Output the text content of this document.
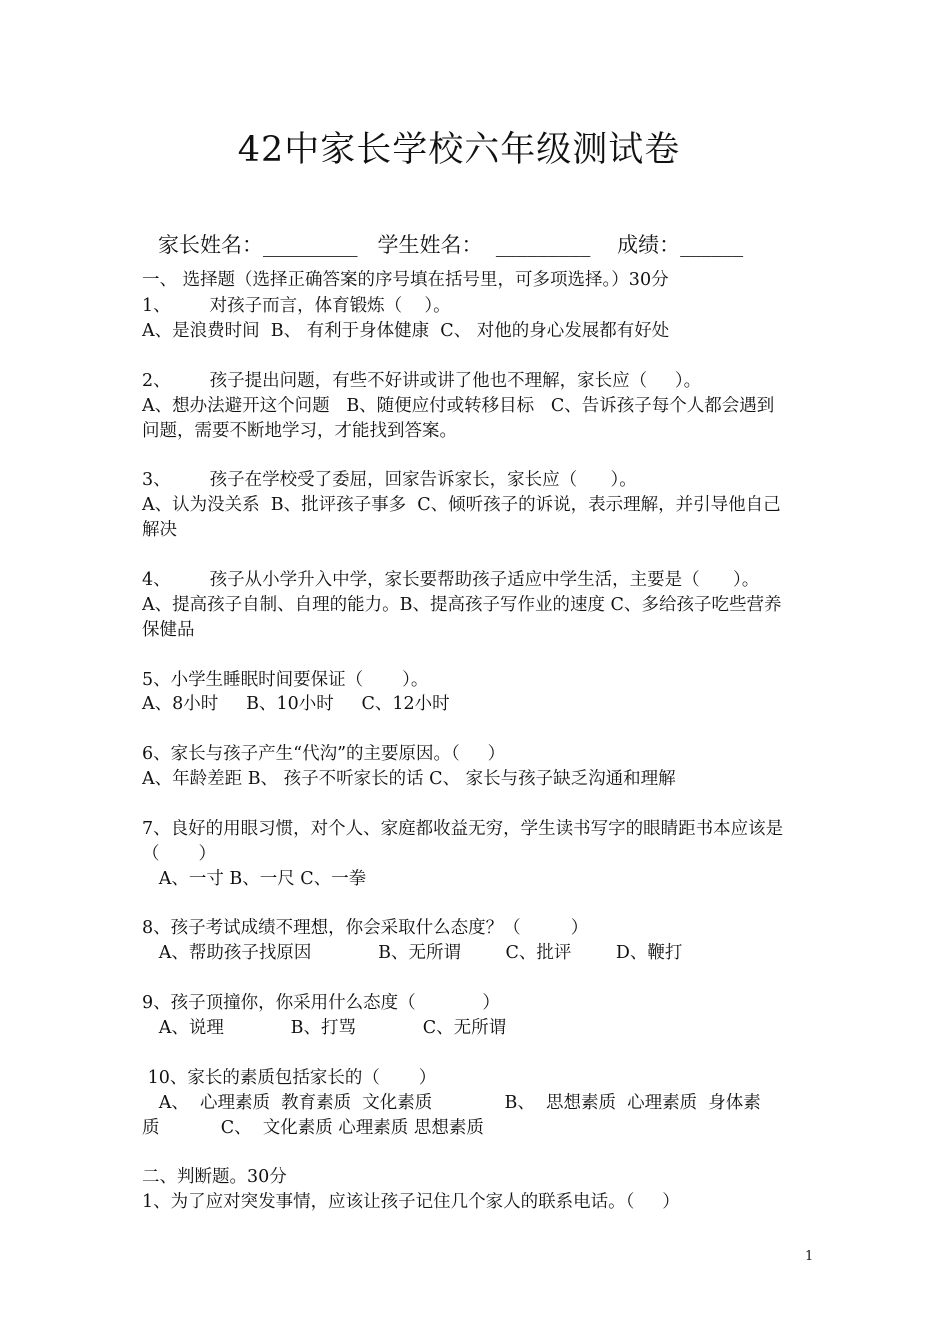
42中家长学校六年级测试卷
家长姓名：_________   学生姓名：  _________    成绩：______
一、 选择题（选择正确答案的序号填在括号里，可多项选择。）30分
1、       对孩子而言，体育锻炼（    ）。
A、是浪费时间  B、 有利于身体健康  C、 对他的身心发展都有好处
2、       孩子提出问题，有些不好讲或讲了他也不理解，家长应（     ）。
A、想办法避开这个问题   B、随便应付或转移目标   C、告诉孩子每个人都会遇到
问题，需要不断地学习，才能找到答案。
3、       孩子在学校受了委屈，回家告诉家长，家长应（      ）。
A、认为没关系  B、批评孩子事多  C、倾听孩子的诉说，表示理解，并引导他自己
解决
4、       孩子从小学升入中学，家长要帮助孩子适应中学生活，主要是（      ）。
A、提高孩子自制、自理的能力。B、提高孩子写作业的速度 C、多给孩子吃些营养
保健品
5、小学生睡眠时间要保证（       ）。
A、8小时     B、10小时     C、12小时
6、家长与孩子产生“代沟”的主要原因。（     ）
A、年龄差距 B、 孩子不听家长的话 C、 家长与孩子缺乏沟通和理解
7、良好的用眼习惯，对个人、家庭都收益无穷，学生读书写字的眼睛距书本应该是
（       ）
A、一寸 B、一尺 C、一拳
8、孩子考试成绩不理想，你会采取什么态度？（         ）
A、帮助孩子找原因            B、无所谓        C、批评        D、鞭打
9、孩子顶撞你，你采用什么态度（            ）
A、说理            B、打骂            C、无所谓
10、家长的素质包括家长的（       ）
A、  心理素质  教育素质  文化素质             B、  思想素质  心理素质  身体素
质           C、  文化素质 心理素质 思想素质
二、判断题。30分
1、为了应对突发事情，应该让孩子记住几个家人的联系电话。（     ）
1
